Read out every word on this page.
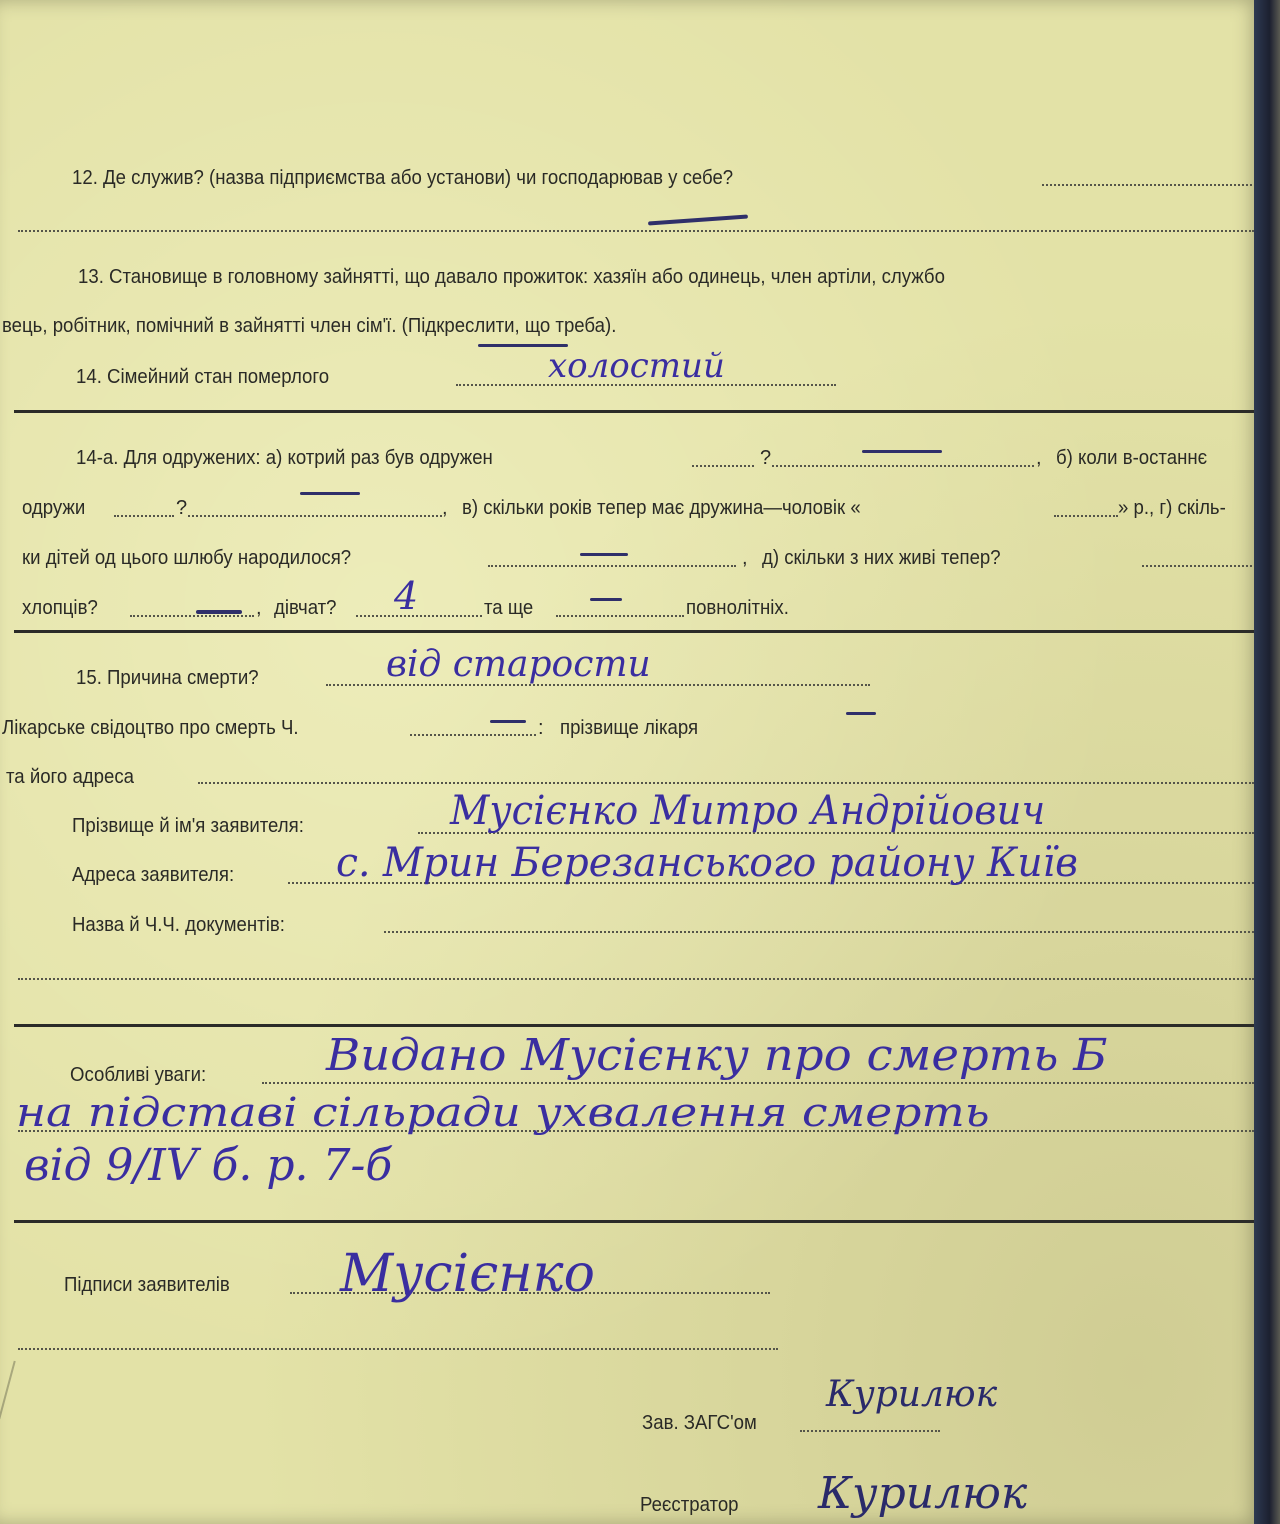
12. Де служив? (назва підприємства або установи) чи господарював у себе?
13. Становище в головному зайнятті, що давало прожиток: хазяїн або одинець, член артіли, службо
вець, робітник, помічний в зайнятті член сім'ї. (Підкреслити, що треба).
14. Сімейний стан померлого	холостий
14-а. Для одружених: а) котрий раз був одружен	?	, б) коли в-останнє
одружи	?	, в) скільки років тепер має дружина—чоловік «	» р., г) скіль-
ки дітей од цього шлюбу народилося?	, д) скільки з них живі тепер?
хлопців?	, дівчат? 4	та ще	повнолітніх.
15. Причина смерти?	від старости
Лікарське свідоцтво про смерть Ч.	: прізвище лікаря
та його адреса
Прізвище й ім'я заявителя:	Мусієнко Митро Андрійович
Адреса заявителя:	с. Мрин Березанського району Київ
Назва й Ч.Ч. документів:
Особливі уваги:	Видано Мусієнку про смерть Б
на підставі сільради ухвалення смерть
від 9/IV б. р. 7-б
Підписи заявителів Мусієнко
Зав. ЗАГС'ом
Курилюк
Реєстратор Курилюк
